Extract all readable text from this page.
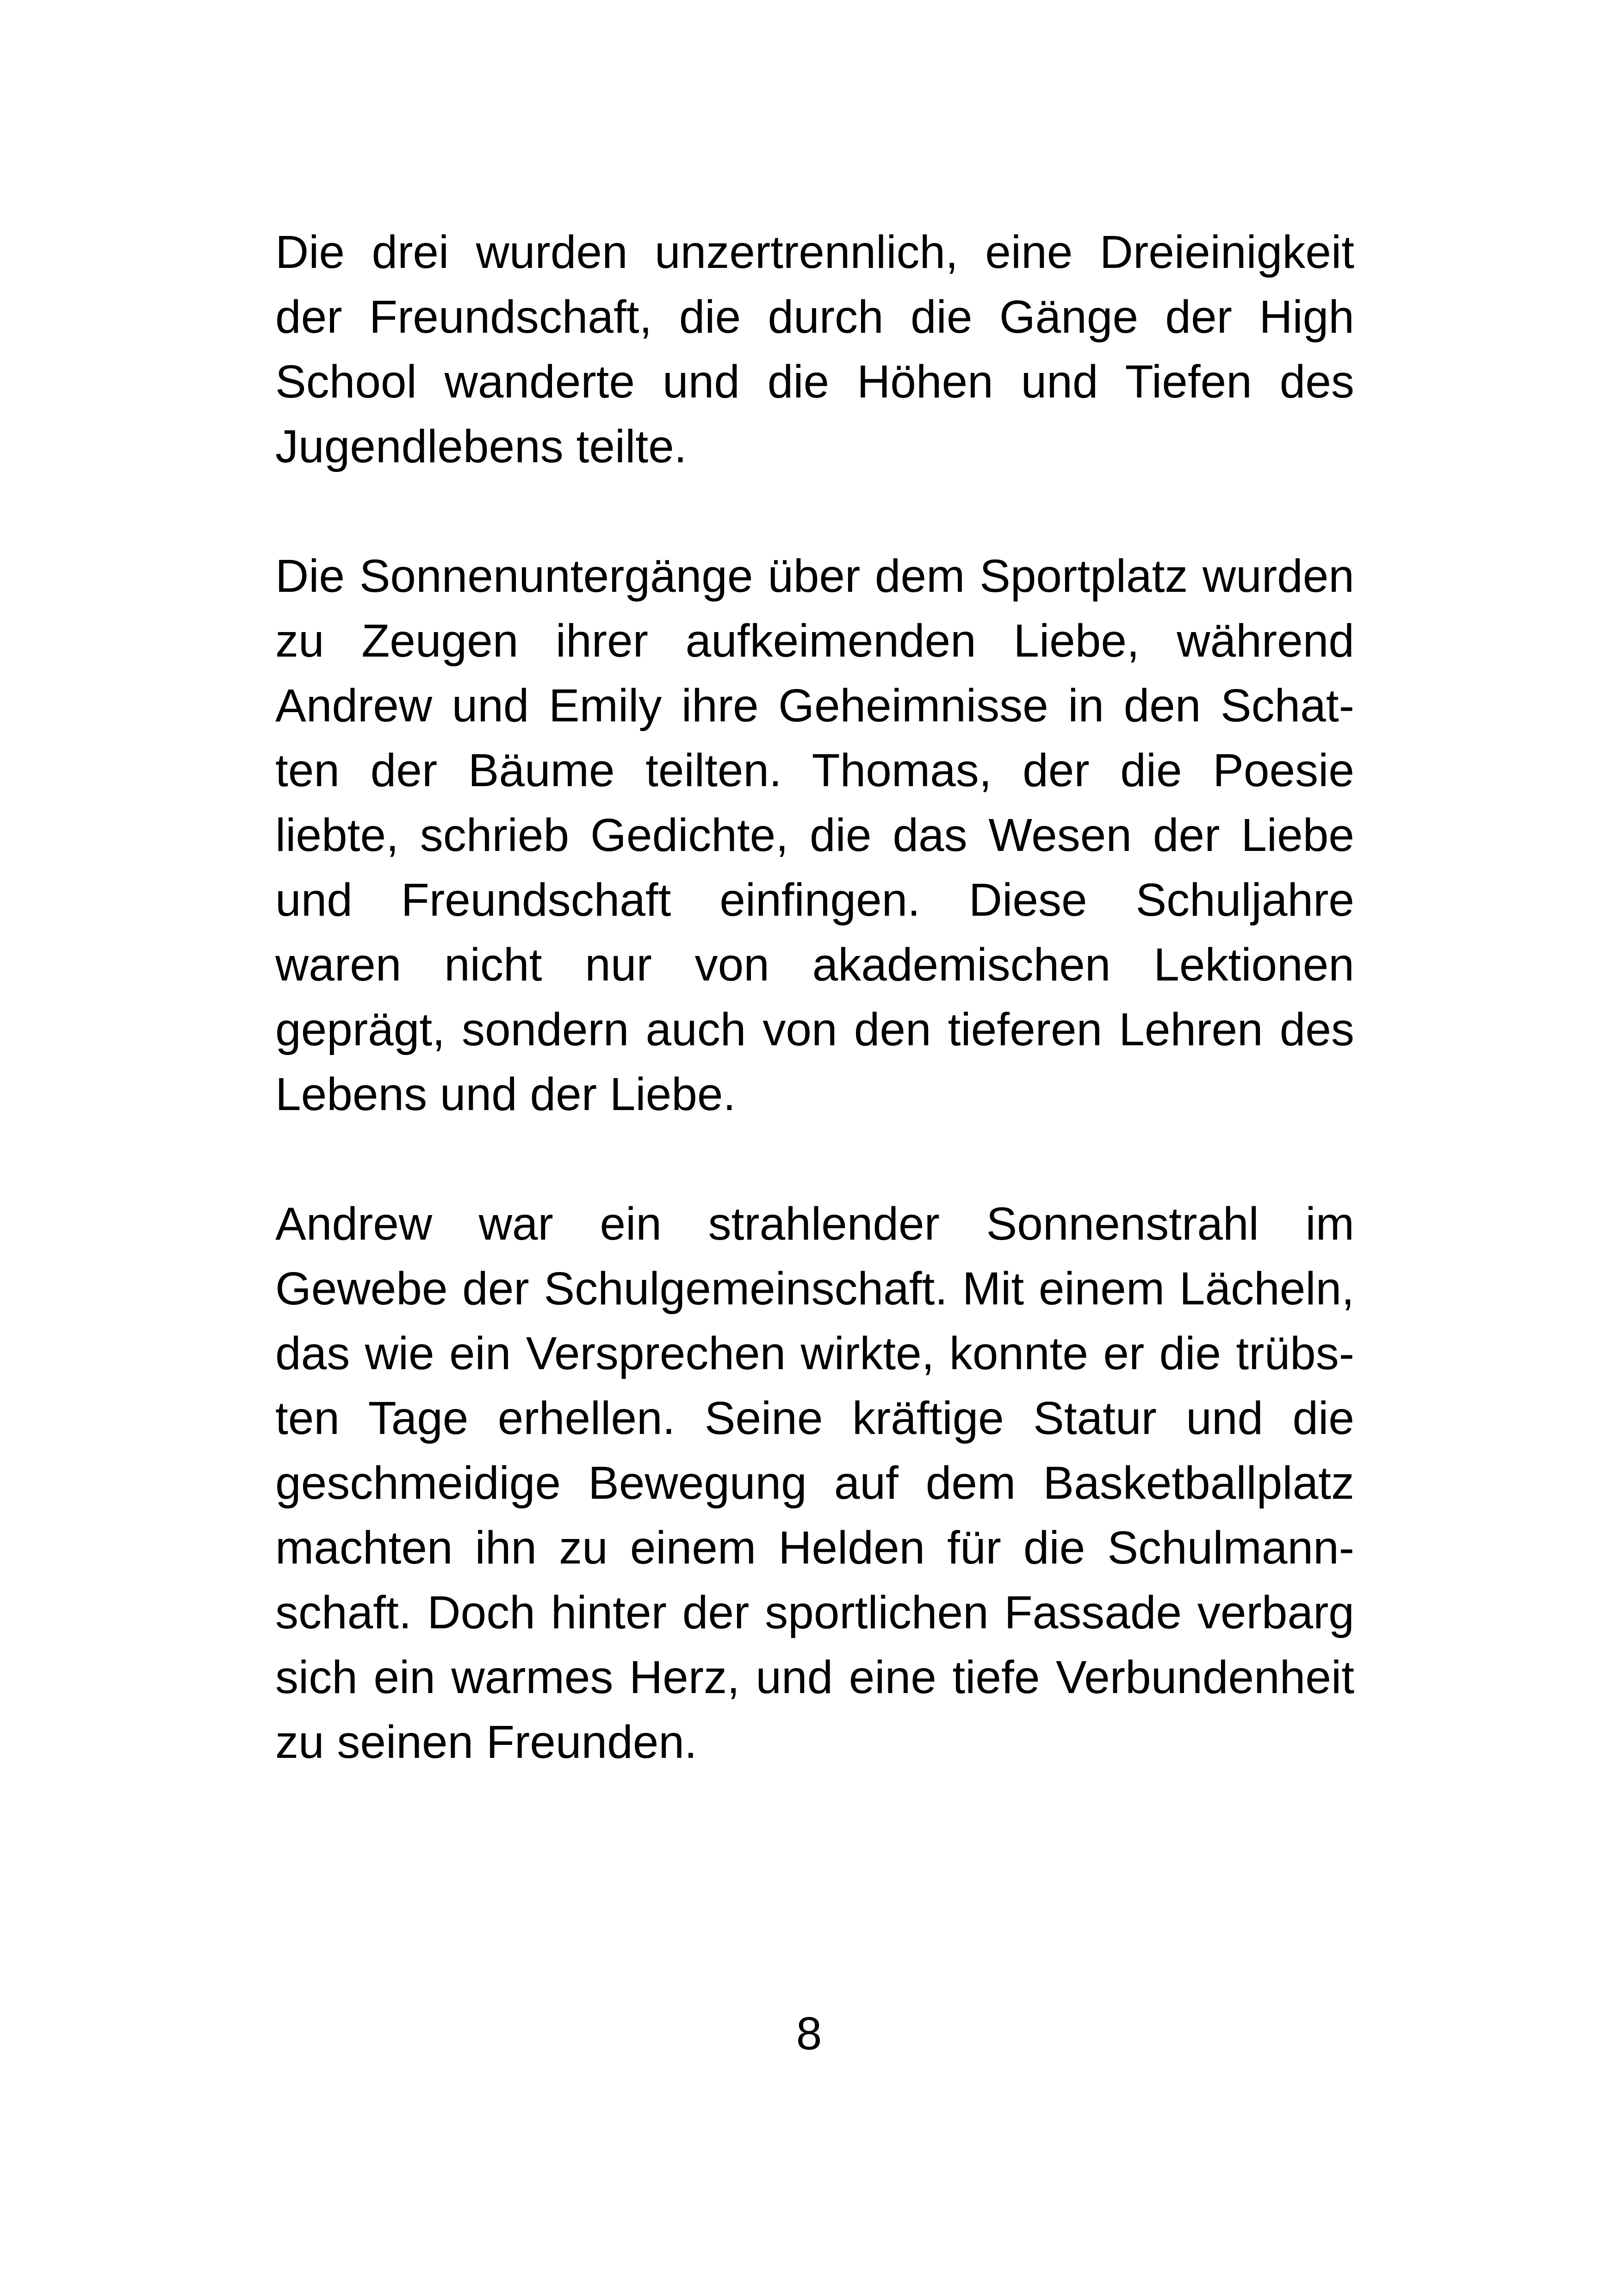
Die drei wurden unzertrennlich, eine Dreieinigkeit
der Freundschaft, die durch die Gänge der High
School wanderte und die Höhen und Tiefen des
Jugendlebens teilte.
Die Sonnenuntergänge über dem Sportplatz wurden
zu Zeugen ihrer aufkeimenden Liebe, während
Andrew und Emily ihre Geheimnisse in den Schat-
ten der Bäume teilten. Thomas, der die Poesie
liebte, schrieb Gedichte, die das Wesen der Liebe
und Freundschaft einfingen. Diese Schuljahre
waren nicht nur von akademischen Lektionen
geprägt, sondern auch von den tieferen Lehren des
Lebens und der Liebe.
Andrew war ein strahlender Sonnenstrahl im
Gewebe der Schulgemeinschaft. Mit einem Lächeln,
das wie ein Versprechen wirkte, konnte er die trübs-
ten Tage erhellen. Seine kräftige Statur und die
geschmeidige Bewegung auf dem Basketballplatz
machten ihn zu einem Helden für die Schulmann-
schaft. Doch hinter der sportlichen Fassade verbarg
sich ein warmes Herz, und eine tiefe Verbundenheit
zu seinen Freunden.
8
